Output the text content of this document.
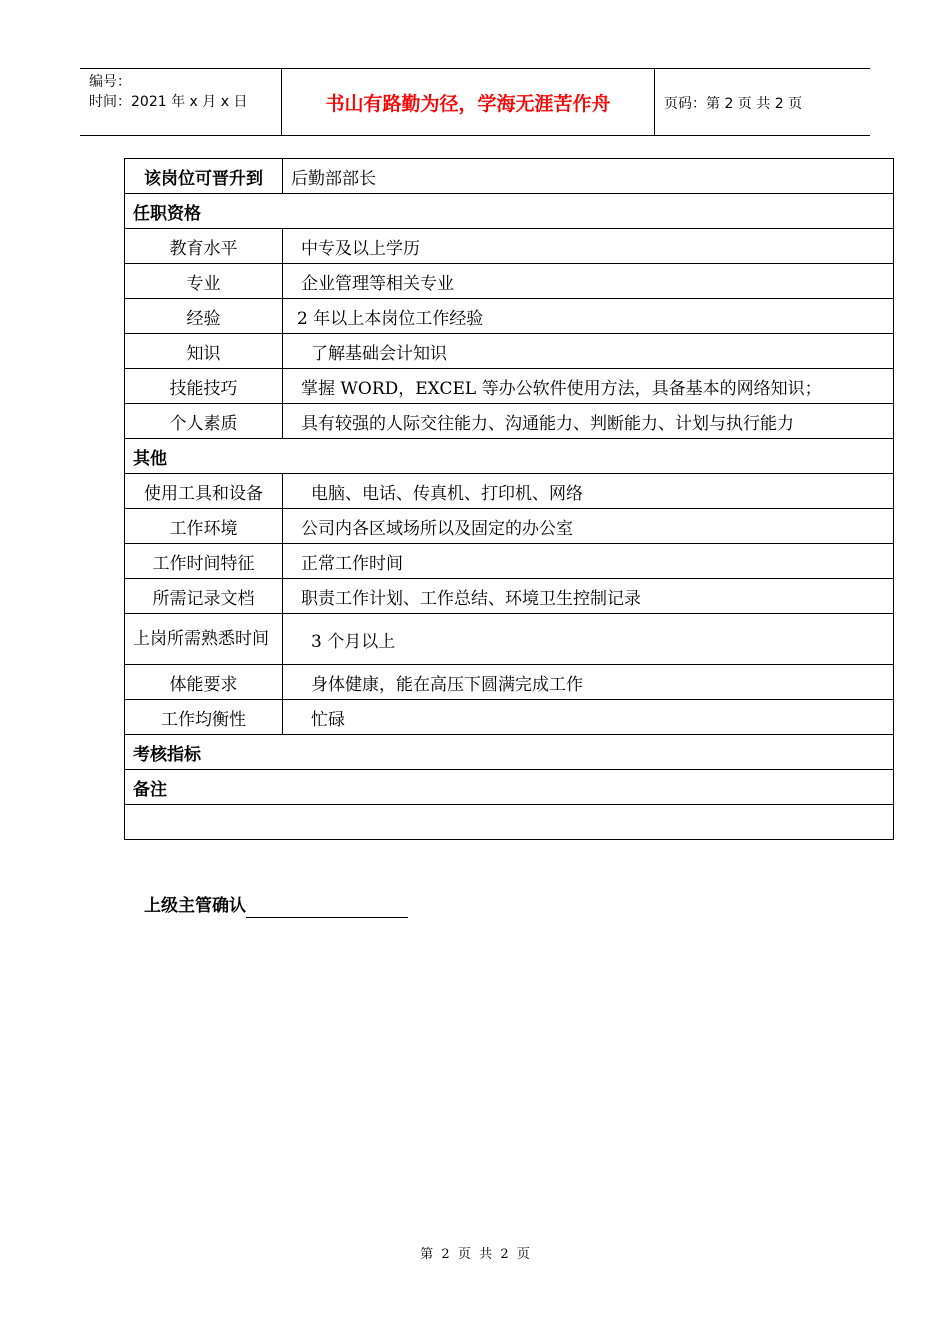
编号：
时间：2021 年 x 月 x 日	书山有路勤为径，学海无涯苦作舟	页码：第 2 页 共 2 页
该岗位可晋升到	后勤部部长
任职资格	
教育水平	中专及以上学历
专业	企业管理等相关专业
经验	2 年以上本岗位工作经验
知识	了解基础会计知识
技能技巧	掌握 WORD，EXCEL 等办公软件使用方法，具备基本的网络知识；
个人素质	具有较强的人际交往能力、沟通能力、判断能力、计划与执行能力
其他	
使用工具和设备	电脑、电话、传真机、打印机、网络
工作环境	公司内各区域场所以及固定的办公室
工作时间特征	正常工作时间
所需记录文档	职责工作计划、工作总结、环境卫生控制记录
上岗所需熟悉时间	3 个月以上
体能要求	身体健康，能在高压下圆满完成工作
工作均衡性	忙碌
考核指标	
备注	

上级主管确认
第  2  页  共  2  页
